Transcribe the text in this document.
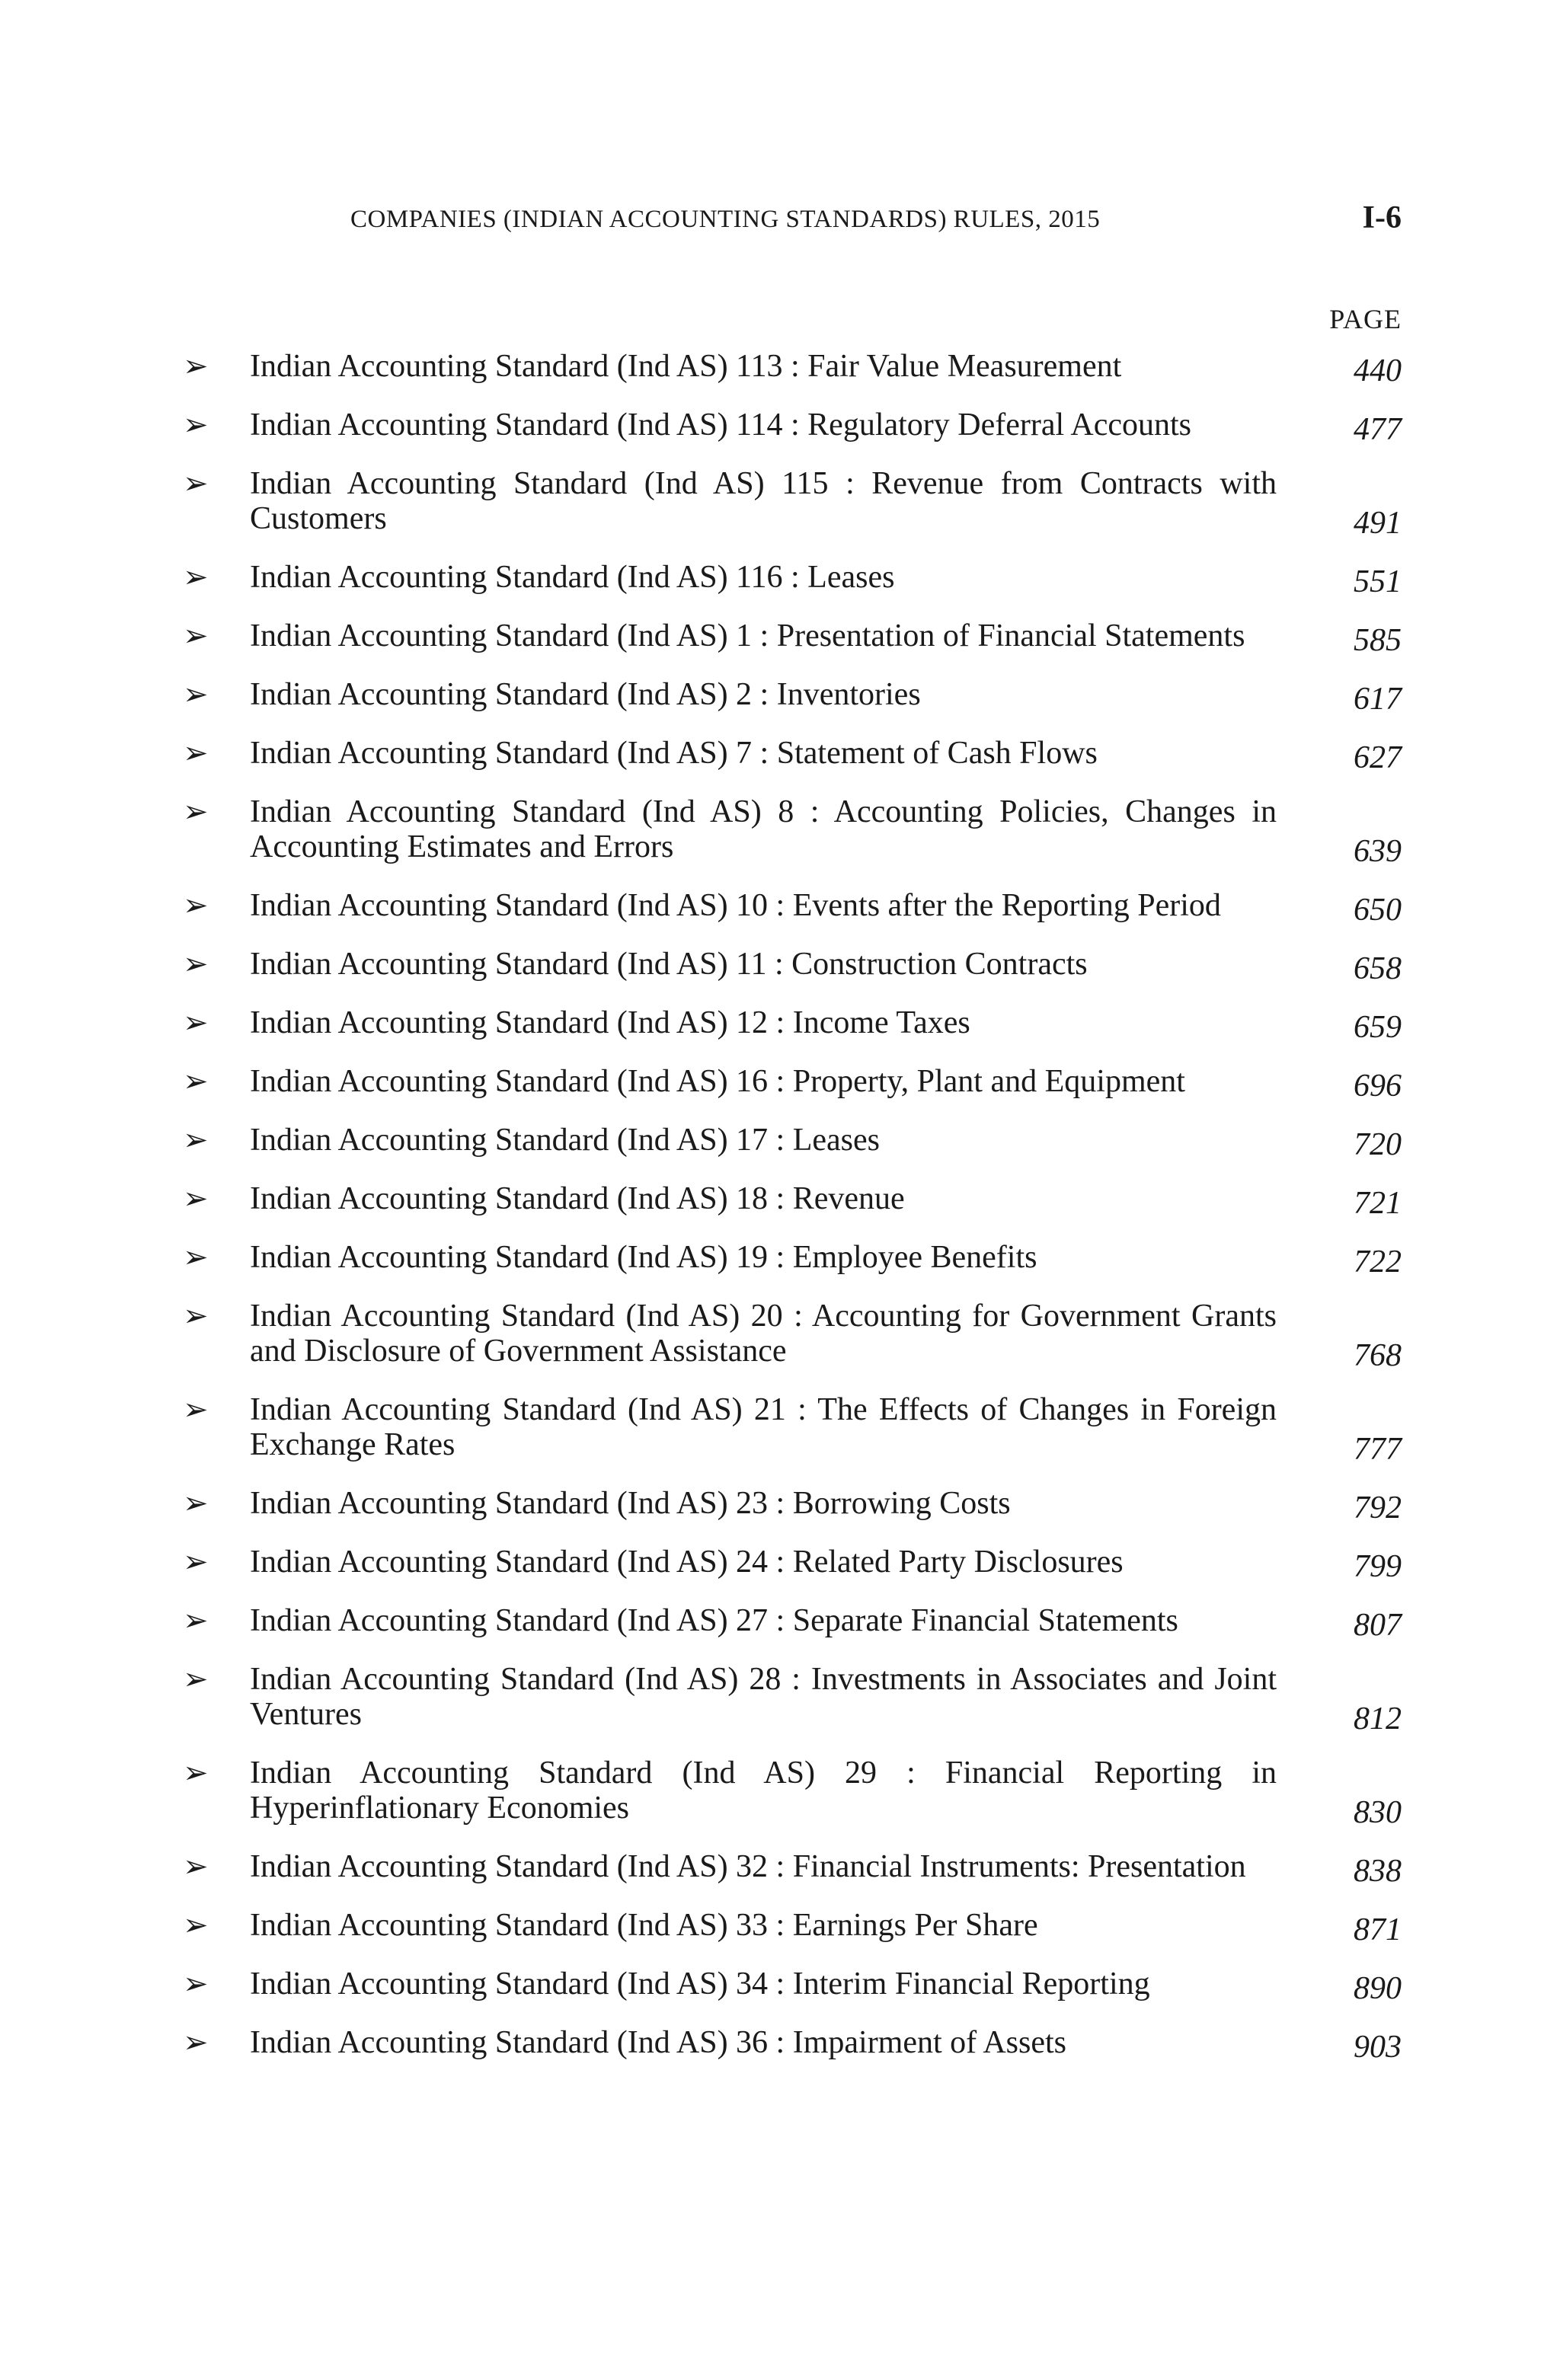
COMPANIES (INDIAN ACCOUNTING STANDARDS) RULES, 2015	I-6
PAGE
➢	Indian Accounting Standard (Ind AS) 113 : Fair Value Measurement	440
➢	Indian Accounting Standard (Ind AS) 114 : Regulatory Deferral Accounts	477
➢	Indian Accounting Standard (Ind AS) 115 : Revenue from Contracts with Customers	491
➢	Indian Accounting Standard (Ind AS) 116 : Leases	551
➢	Indian Accounting Standard (Ind AS) 1 : Presentation of Financial Statements	585
➢	Indian Accounting Standard (Ind AS) 2 : Inventories	617
➢	Indian Accounting Standard (Ind AS) 7 : Statement of Cash Flows	627
➢	Indian Accounting Standard (Ind AS) 8 : Accounting Policies, Changes in Accounting Estimates and Errors	639
➢	Indian Accounting Standard (Ind AS) 10 : Events after the Reporting Period	650
➢	Indian Accounting Standard (Ind AS) 11 : Construction Contracts	658
➢	Indian Accounting Standard (Ind AS) 12 : Income Taxes	659
➢	Indian Accounting Standard (Ind AS) 16 : Property, Plant and Equipment	696
➢	Indian Accounting Standard (Ind AS) 17 : Leases	720
➢	Indian Accounting Standard (Ind AS) 18 : Revenue	721
➢	Indian Accounting Standard (Ind AS) 19 : Employee Benefits	722
➢	Indian Accounting Standard (Ind AS) 20 : Accounting for Government Grants and Disclosure of Government Assistance	768
➢	Indian Accounting Standard (Ind AS) 21 : The Effects of Changes in Foreign Exchange Rates	777
➢	Indian Accounting Standard (Ind AS) 23 : Borrowing Costs	792
➢	Indian Accounting Standard (Ind AS) 24 : Related Party Disclosures	799
➢	Indian Accounting Standard (Ind AS) 27 : Separate Financial Statements	807
➢	Indian Accounting Standard (Ind AS) 28 : Investments in Associates and Joint Ventures	812
➢	Indian Accounting Standard (Ind AS) 29 : Financial Reporting in Hyperinflationary Economies	830
➢	Indian Accounting Standard (Ind AS) 32 : Financial Instruments: Presentation	838
➢	Indian Accounting Standard (Ind AS) 33 : Earnings Per Share	871
➢	Indian Accounting Standard (Ind AS) 34 : Interim Financial Reporting	890
➢	Indian Accounting Standard (Ind AS) 36 : Impairment of Assets	903
